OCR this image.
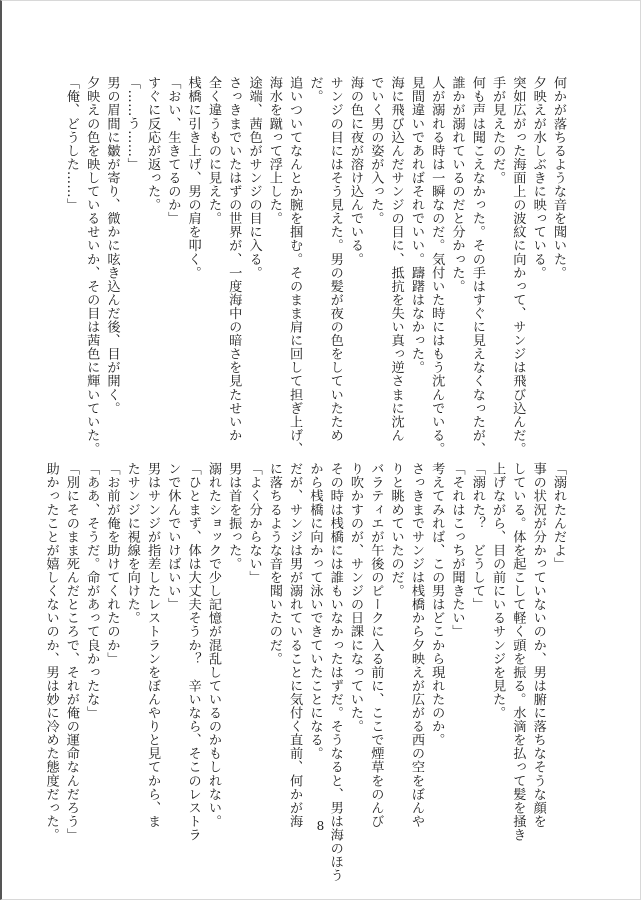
何かが落ちるような音を聞いた。
夕映えが水しぶきに映っている。
突如広がった海面上の波紋に向かって、サンジは飛び込んだ。
手が見えたのだ。
何も声は聞こえなかった。その手はすぐに見えなくなったが、
誰かが溺れているのだと分かった。
人が溺れる時は一瞬なのだ。気付いた時にはもう沈んでいる。
見間違いであればそれでいい。躊躇はなかった。
海に飛び込んだサンジの目に、抵抗を失い真っ逆さまに沈ん
でいく男の姿が入った。
海の色に夜が溶け込んでいる。
サンジの目にはそう見えた。男の髪が夜の色をしていたため
だ。
追いついてなんとか腕を掴む。そのまま肩に回して担ぎ上げ、
海水を蹴って浮上した。
途端、茜色がサンジの目に入る。
さっきまでいたはずの世界が、一度海中の暗さを見たせいか
全く違うものに見えた。
桟橋に引き上げ、男の肩を叩く。
「おい、生きてるのか」
すぐに反応が返った。
「……う……」
男の眉間に皺が寄り、微かに呟き込んだ後、目が開く。
夕映えの色を映しているせいか、その目は茜色に輝いていた。
「俺、どうした……」
「溺れたんだよ」
事の状況が分かっていないのか、男は腑に落ちなそうな顔を
している。体を起こして軽く頭を振る。水滴を払って髪を掻き
上げながら、目の前にいるサンジを見た。
「溺れた？　どうして」
「それはこっちが聞きたい」
考えてみれば、この男はどこから現れたのか。
さっきまでサンジは桟橋から夕映えが広がる西の空をぼんや
りと眺めていたのだ。
バラティエが午後のピークに入る前に、ここで煙草をのんび
り吹かすのが、サンジの日課になっていた。
その時は桟橋には誰もいなかったはずだ。そうなると、男は海のほう
から桟橋に向かって泳いできていたことになる。
だが、サンジは男が溺れていることに気付く直前、何かが海
に落ちるような音を聞いたのだ。
「よく分からない」
男は首を振った。
溺れたショックで少し記憶が混乱しているのかもしれない。
「ひとまず、体は大丈夫そうか？　辛いなら、そこのレストラ
ンで休んでいけばいい」
男はサンジが指差したレストランをぼんやりと見てから、ま
たサンジに視線を向けた。
「お前が俺を助けてくれたのか」
「ああ、そうだ。命があって良かったな」
「別にそのまま死んだところで、それが俺の運命なんだろう」
助かったことが嬉しくないのか、男は妙に冷めた態度だった。	8
